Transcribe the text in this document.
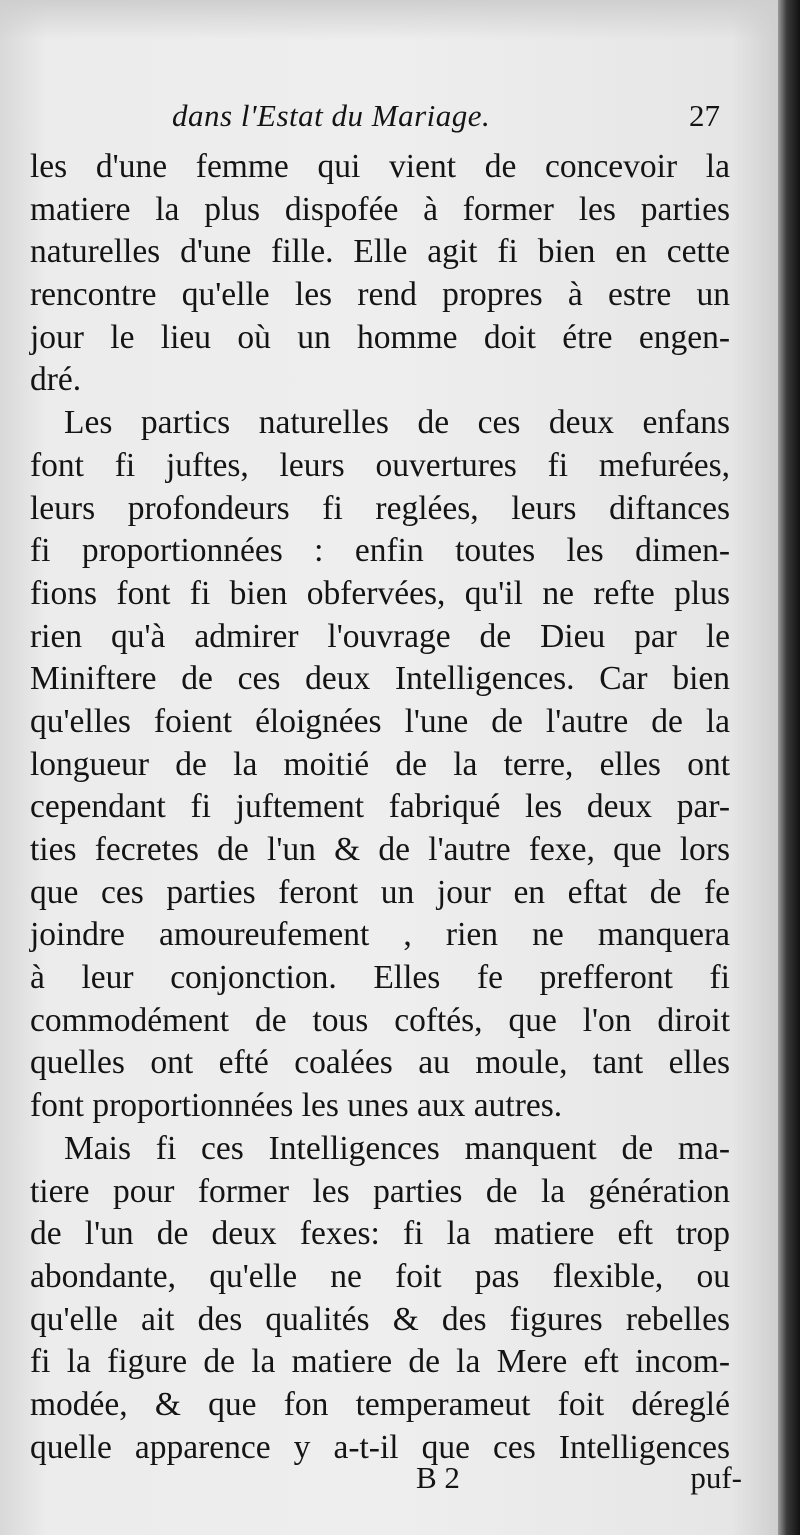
dans l'Estat du Mariage.	27
les d'une femme qui vient de concevoir la
matiere la plus dispofée à former les parties
naturelles d'une fille. Elle agit fi bien en cette
rencontre qu'elle les rend propres à estre un
jour le lieu où un homme doit étre engen-
dré.
Les partics naturelles de ces deux enfans
font fi juftes, leurs ouvertures fi mefurées,
leurs profondeurs fi reglées, leurs diftances
fi proportionnées : enfin toutes les dimen-
fions font fi bien obfervées, qu'il ne refte plus
rien qu'à admirer l'ouvrage de Dieu par le
Miniftere de ces deux Intelligences. Car bien
qu'elles foient éloignées l'une de l'autre de la
longueur de la moitié de la terre, elles ont
cependant fi juftement fabriqué les deux par-
ties fecretes de l'un & de l'autre fexe, que lors
que ces parties feront un jour en eftat de fe
joindre amoureufement , rien ne manquera
à leur conjonction. Elles fe prefferont fi
commodément de tous coftés, que l'on diroit
quelles ont efté coalées au moule, tant elles
font proportionnées les unes aux autres.
Mais fi ces Intelligences manquent de ma-
tiere pour former les parties de la génération
de l'un de deux fexes: fi la matiere eft trop
abondante, qu'elle ne foit pas flexible, ou
qu'elle ait des qualités & des figures rebelles
fi la figure de la matiere de la Mere eft incom-
modée, & que fon temperameut foit déreglé
quelle apparence y a-t-il que ces Intelligences
B 2	puf-
